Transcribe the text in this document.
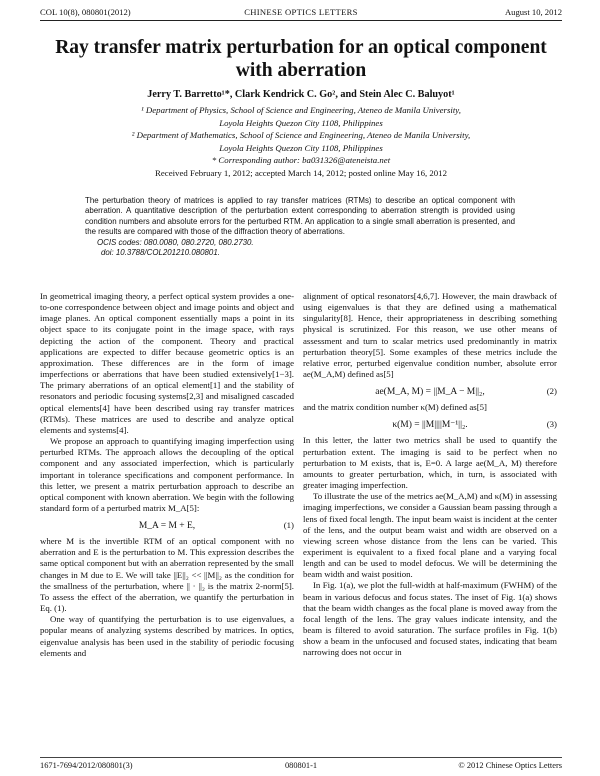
COL 10(8), 080801(2012)	CHINESE OPTICS LETTERS	August 10, 2012
Ray transfer matrix perturbation for an optical component with aberration
Jerry T. Barretto¹*, Clark Kendrick C. Go², and Stein Alec C. Baluyot¹
¹ Department of Physics, School of Science and Engineering, Ateneo de Manila University,
Loyola Heights Quezon City 1108, Philippines
² Department of Mathematics, School of Science and Engineering, Ateneo de Manila University,
Loyola Heights Quezon City 1108, Philippines
* Corresponding author: ba031326@ateneista.net
Received February 1, 2012; accepted March 14, 2012; posted online May 16, 2012
The perturbation theory of matrices is applied to ray transfer matrices (RTMs) to describe an optical component with aberration. A quantitative description of the perturbation extent corresponding to aberration strength is provided using condition numbers and absolute errors for the perturbed RTM. An application to a single small aberration is presented, and the results are compared with those of the diffraction theory of aberrations.
OCIS codes: 080.0080, 080.2720, 080.2730.
doi: 10.3788/COL201210.080801.

In geometrical imaging theory, a perfect optical system provides a one-to-one correspondence between object and image points and object and image planes. An optical component essentially maps a point in its object space to its conjugate point in the image space, with rays depicting the action of the component. Theory and practical applications are expected to differ because geometric optics is an approximation. These differences are in the form of image imperfections or aberrations that have been studied extensively[1−3]. The primary aberrations of an optical element[1] and the stability of resonators and periodic focusing systems[2,3] and misaligned cascaded optical elements[4] have been described using ray transfer matrices (RTMs). These matrices are used to describe and analyze optical elements and systems[4].

We propose an approach to quantifying imaging imperfection using perturbed RTMs. The approach allows the decoupling of the optical component and any associated imperfection, which is particularly important in tolerance specifications and component performance. In this letter, we present a matrix perturbation approach to describe an optical component with known aberration. We begin with the following standard form of a perturbed matrix M_A[5]:

M_A = M + E,	(1)

where M is the invertible RTM of an optical component with no aberration and E is the perturbation to M. This expression describes the same optical component but with an aberration represented by the small changes in M due to E. We will take ||E||₂ << ||M||₂ as the condition for the smallness of the perturbation, where || · ||₂ is the matrix 2-norm[5]. To assess the effect of the aberration, we quantify the perturbation in Eq. (1).

One way of quantifying the perturbation is to use eigenvalues, a popular means of analyzing systems described by matrices. In optics, eigenvalue analysis has been used in the stability of periodic focusing elements and

alignment of optical resonators[4,6,7]. However, the main drawback of using eigenvalues is that they are defined using a mathematical singularity[8]. Hence, their appropriateness in describing something physical is scrutinized. For this reason, we use other means of assessment and turn to scalar metrics used predominantly in matrix perturbation theory[5]. Some examples of these metrics include the relative error, perturbed eigenvalue condition number, absolute error ae(M_A,M) defined as[5]

ae(M_A, M) = ||M_A − M||₂,	(2)

and the matrix condition number κ(M) defined as[5]

κ(M) = ||M||||M⁻¹||₂.	(3)

In this letter, the latter two metrics shall be used to quantify the perturbation extent. The imaging is said to be perfect when no perturbation to M exists, that is, E=0. A large ae(M_A, M) therefore amounts to greater perturbation, which, in turn, is associated with greater imaging imperfection.

To illustrate the use of the metrics ae(M_A,M) and κ(M) in assessing imaging imperfections, we consider a Gaussian beam passing through a lens of fixed focal length. The input beam waist is incident at the center of the lens, and the output beam waist and width are observed on a viewing screen whose distance from the lens can be varied. This experiment is equivalent to a fixed focal plane and a varying focal length and can be used to model defocus. We will be determining the beam width and waist position.

In Fig. 1(a), we plot the full-width at half-maximum (FWHM) of the beam in various defocus and focus states. The inset of Fig. 1(a) shows that the beam width changes as the focal plane is moved away from the focal length of the lens. The gray values indicate intensity, and the beam is filtered to avoid saturation. The surface profiles in Fig. 1(b) show a beam in the unfocused and focused states, indicating that beam narrowing does not occur in

1671-7694/2012/080801(3)	080801-1	© 2012 Chinese Optics Letters
